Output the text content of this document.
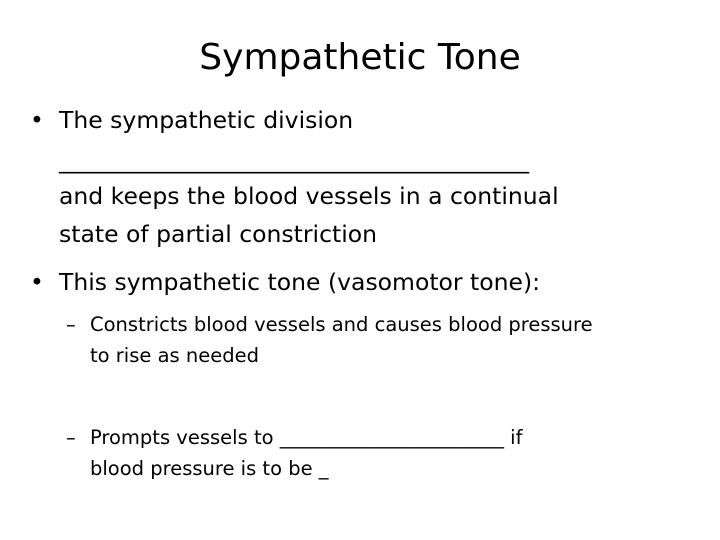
Sympathetic Tone
• The sympathetic division
________________________________________
and keeps the blood vessels in a continual
state of partial constriction
• This sympathetic tone (vasomotor tone):
– Constricts blood vessels and causes blood pressure
to rise as needed
– Prompts vessels to _______________________ if
blood pressure is to be _
